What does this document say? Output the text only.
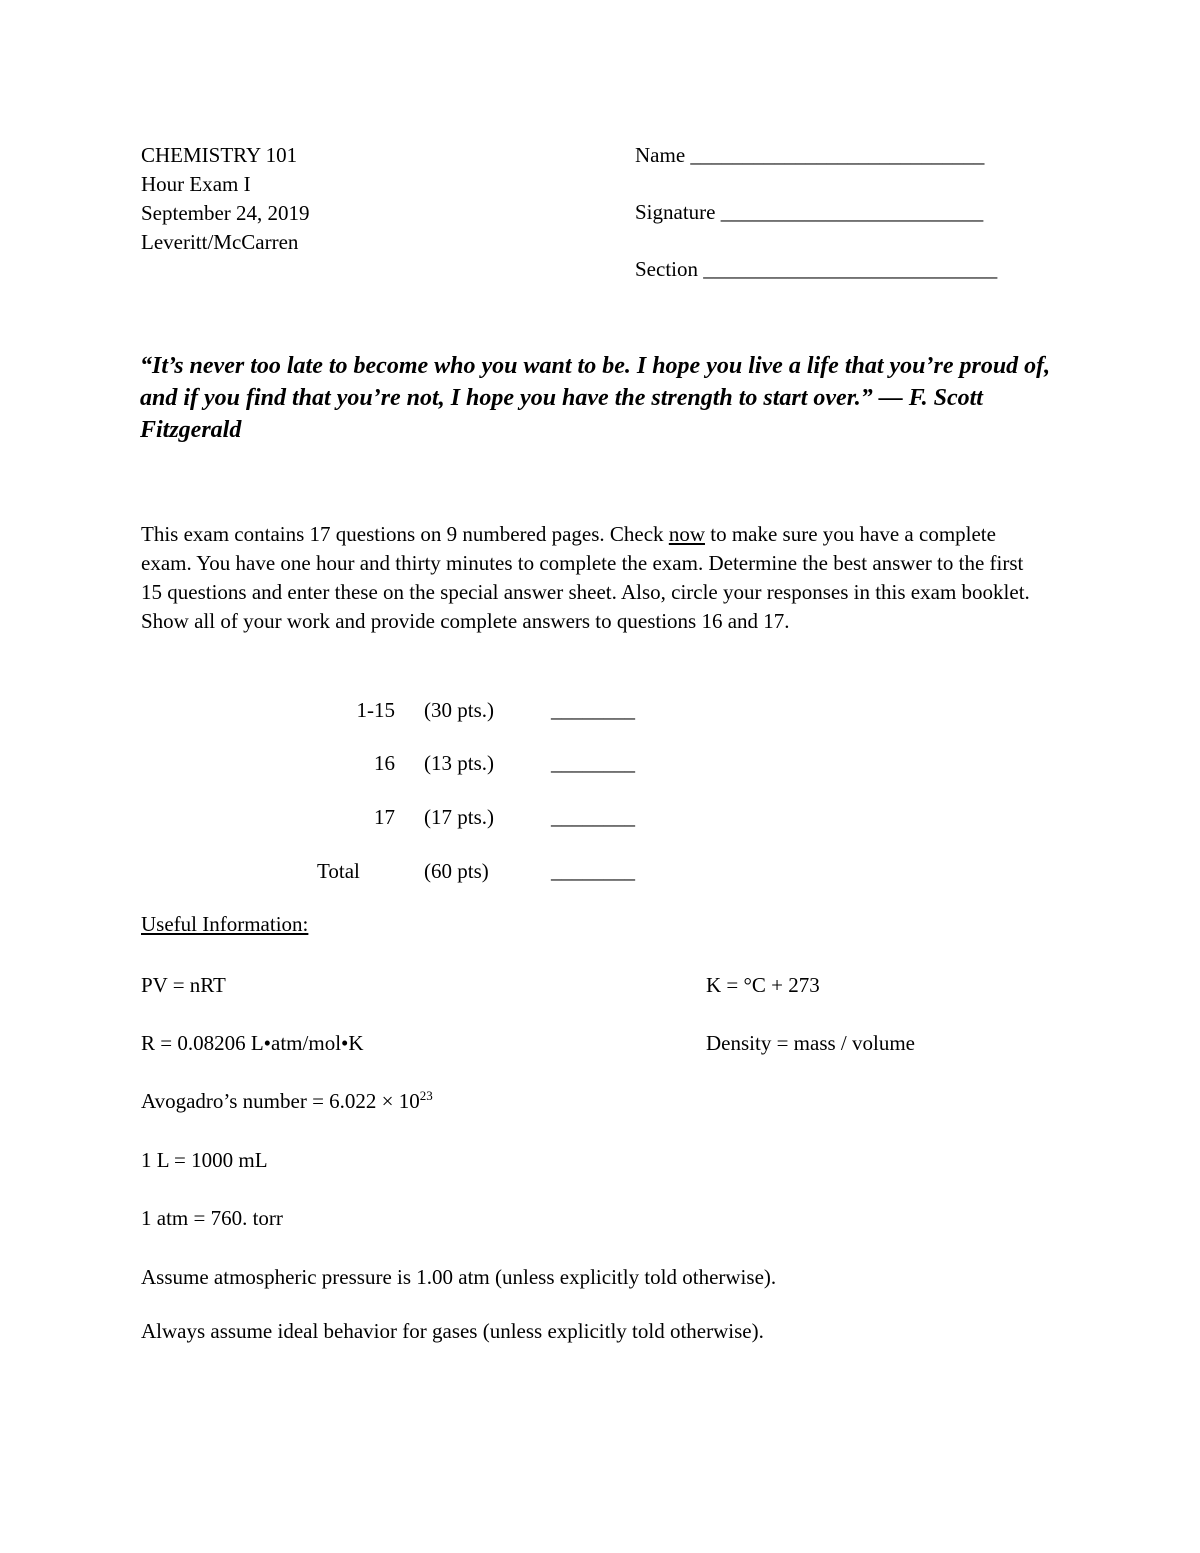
CHEMISTRY 101
Hour Exam I
September 24, 2019
Leveritt/McCarren
Name ____________________________
Signature _________________________
Section ____________________________
“It’s never too late to become who you want to be. I hope you live a life that you’re proud of, and if you find that you’re not, I hope you have the strength to start over.” — F. Scott Fitzgerald
This exam contains 17 questions on 9 numbered pages. Check now to make sure you have a complete exam. You have one hour and thirty minutes to complete the exam. Determine the best answer to the first 15 questions and enter these on the special answer sheet. Also, circle your responses in this exam booklet. Show all of your work and provide complete answers to questions 16 and 17.
1-15 (30 pts.)	________
16 (13 pts.)	________
17 (17 pts.)	________
Total	(60 pts)	________
Useful Information:
PV = nRT	K = °C + 273
R = 0.08206 L•atm/mol•K	Density = mass / volume
Avogadro’s number = $6.022 \times 10^{23}$
1 L = 1000 mL
1 atm = 760. torr
Assume atmospheric pressure is 1.00 atm (unless explicitly told otherwise).
Always assume ideal behavior for gases (unless explicitly told otherwise).
